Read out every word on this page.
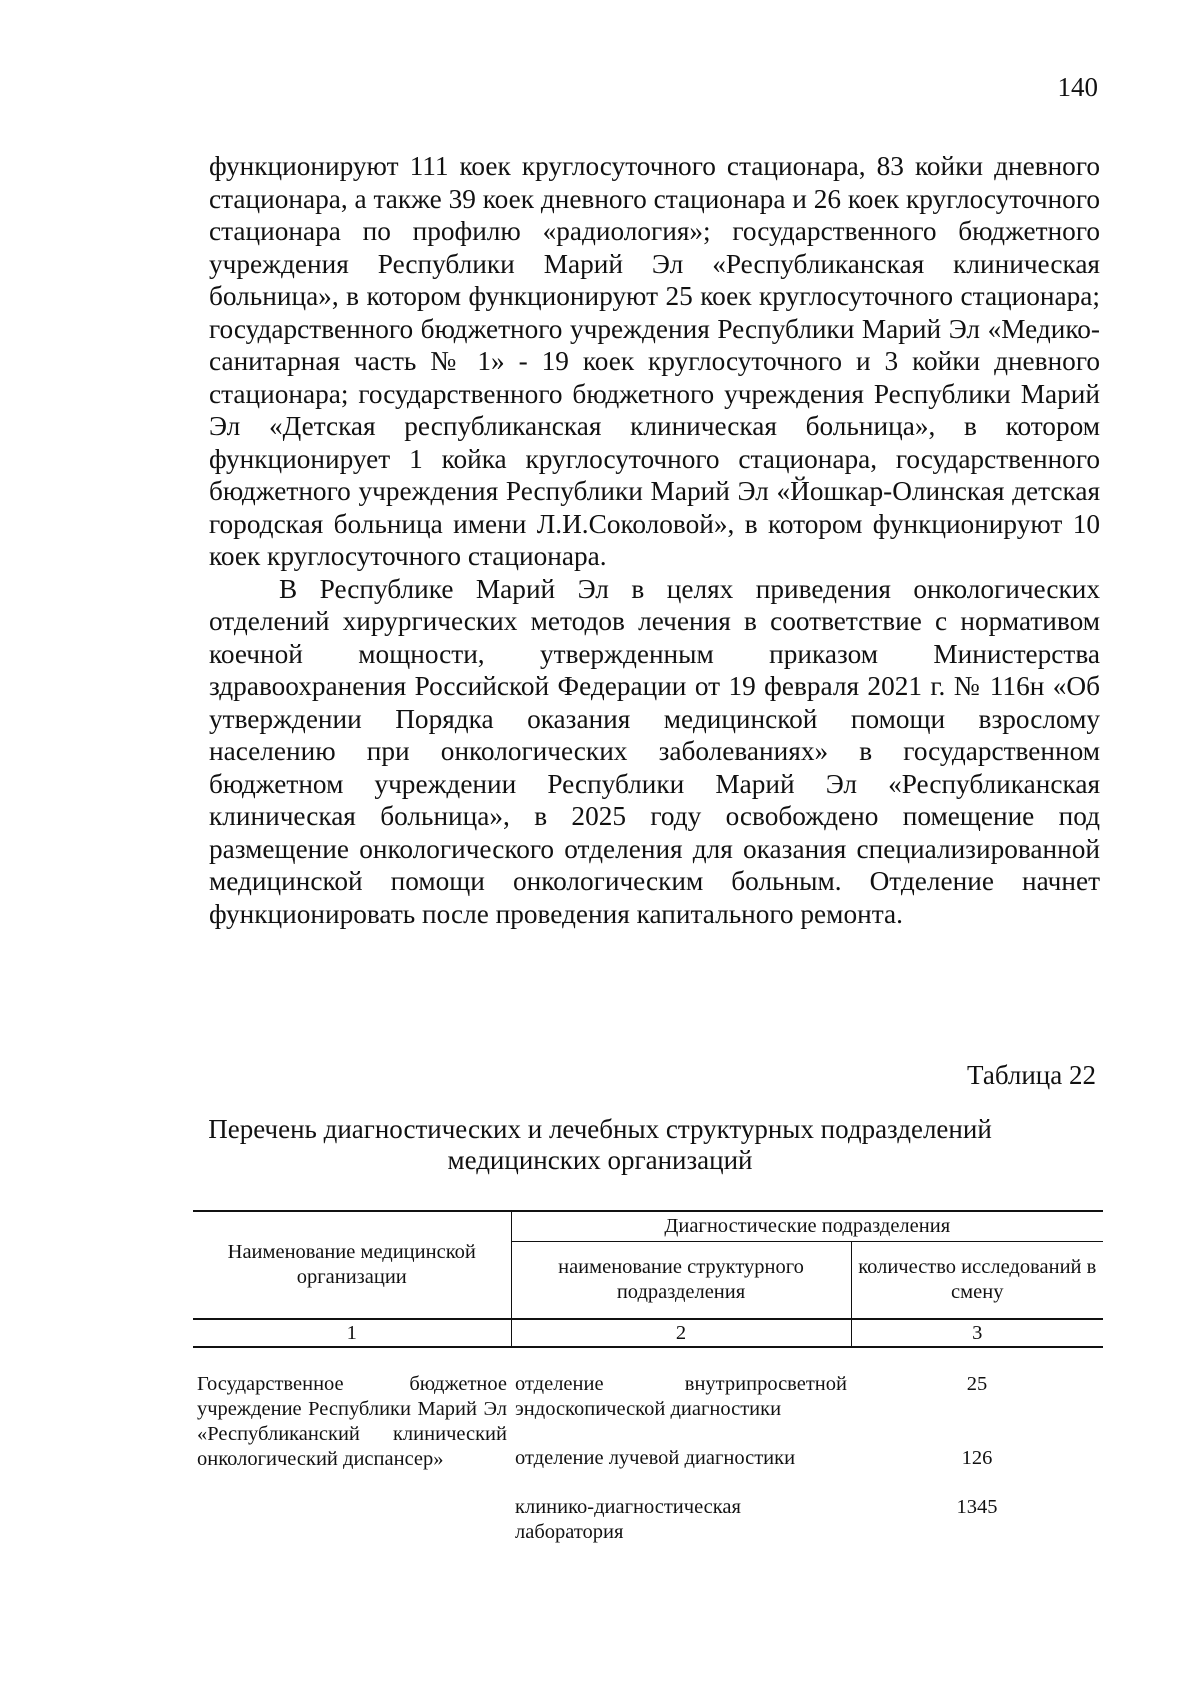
140

функционируют 111 коек круглосуточного стационара, 83 койки дневного стационара, а также 39 коек дневного стационара и 26 коек круглосуточного стационара по профилю «радиология»; государственного бюджетного учреждения Республики Марий Эл «Республиканская клиническая больница», в котором функционируют 25 коек круглосуточного стационара; государственного бюджетного учреждения Республики Марий Эл «Медико-санитарная часть № 1» - 19 коек круглосуточного и 3 койки дневного стационара; государственного бюджетного учреждения Республики Марий Эл «Детская республиканская клиническая больница», в котором функционирует 1 койка круглосуточного стационара, государственного бюджетного учреждения Республики Марий Эл «Йошкар-Олинская детская городская больница имени Л.И.Соколовой», в котором функционируют 10 коек круглосуточного стационара.

В Республике Марий Эл в целях приведения онкологических отделений хирургических методов лечения в соответствие с нормативом коечной мощности, утвержденным приказом Министерства здравоохранения Российской Федерации от 19 февраля 2021 г. № 116н «Об утверждении Порядка оказания медицинской помощи взрослому населению при онкологических заболеваниях» в государственном бюджетном учреждении Республики Марий Эл «Республиканская клиническая больница», в 2025 году освобождено помещение под размещение онкологического отделения для оказания специализированной медицинской помощи онкологическим больным. Отделение начнет функционировать после проведения капитального ремонта.

Таблица 22
Перечень диагностических и лечебных структурных подразделений
медицинских организаций
Наименование медицинской организации	Диагностические подразделения	
	наименование структурного подразделения	количество исследований в смену
1	2	3

Государственное бюджетное учреждение Республики Марий Эл «Республиканский клинический онкологический диспансер»	отделение внутрипросветной эндоскопической диагностики	25

	отделение лучевой диагностики	126

	клинико-диагностическая лаборатория	1345
